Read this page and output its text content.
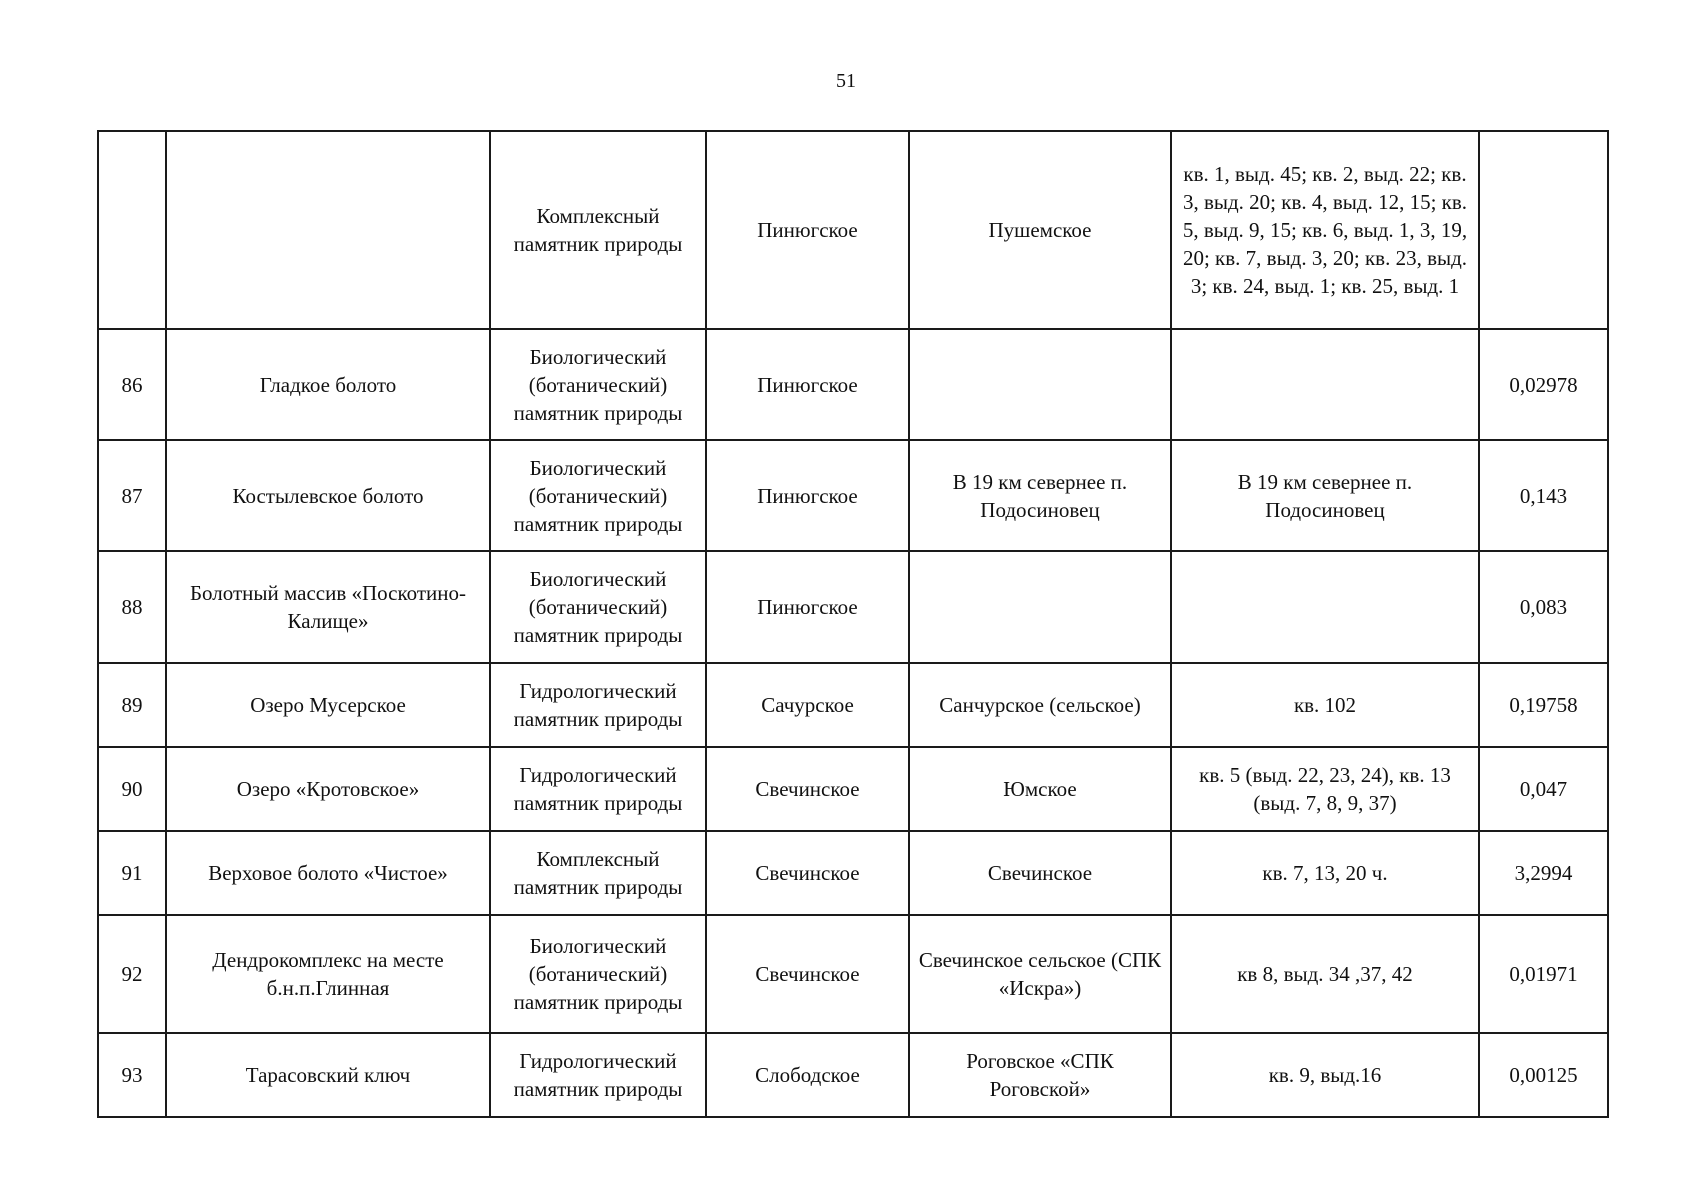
51
		Комплексный памятник природы	Пинюгское	Пушемское	кв. 1, выд. 45; кв. 2, выд. 22; кв. 3, выд. 20; кв. 4, выд. 12, 15; кв. 5, выд. 9, 15; кв. 6, выд. 1, 3, 19, 20; кв. 7, выд. 3, 20; кв. 23, выд. 3; кв. 24, выд. 1; кв. 25, выд. 1	
86	Гладкое болото	Биологический (ботанический) памятник природы	Пинюгское			0,02978
87	Костылевское болото	Биологический (ботанический) памятник природы	Пинюгское	В 19 км севернее п. Подосиновец	В 19 км севернее п. Подосиновец	0,143
88	Болотный массив «Поскотино-Калище»	Биологический (ботанический) памятник природы	Пинюгское			0,083
89	Озеро Мусерское	Гидрологический памятник природы	Сачурское	Санчурское (сельское)	кв. 102	0,19758
90	Озеро «Кротовское»	Гидрологический памятник природы	Свечинское	Юмское	кв. 5 (выд. 22, 23, 24), кв. 13 (выд. 7, 8, 9, 37)	0,047
91	Верховое болото «Чистое»	Комплексный памятник природы	Свечинское	Свечинское	кв. 7, 13, 20 ч.	3,2994
92	Дендрокомплекс на месте б.н.п.Глинная	Биологический (ботанический) памятник природы	Свечинское	Свечинское сельское (СПК «Искра»)	кв 8, выд. 34 ,37, 42	0,01971
93	Тарасовский ключ	Гидрологический памятник природы	Слободское	Роговское «СПК Роговской»	кв. 9, выд.16	0,00125
